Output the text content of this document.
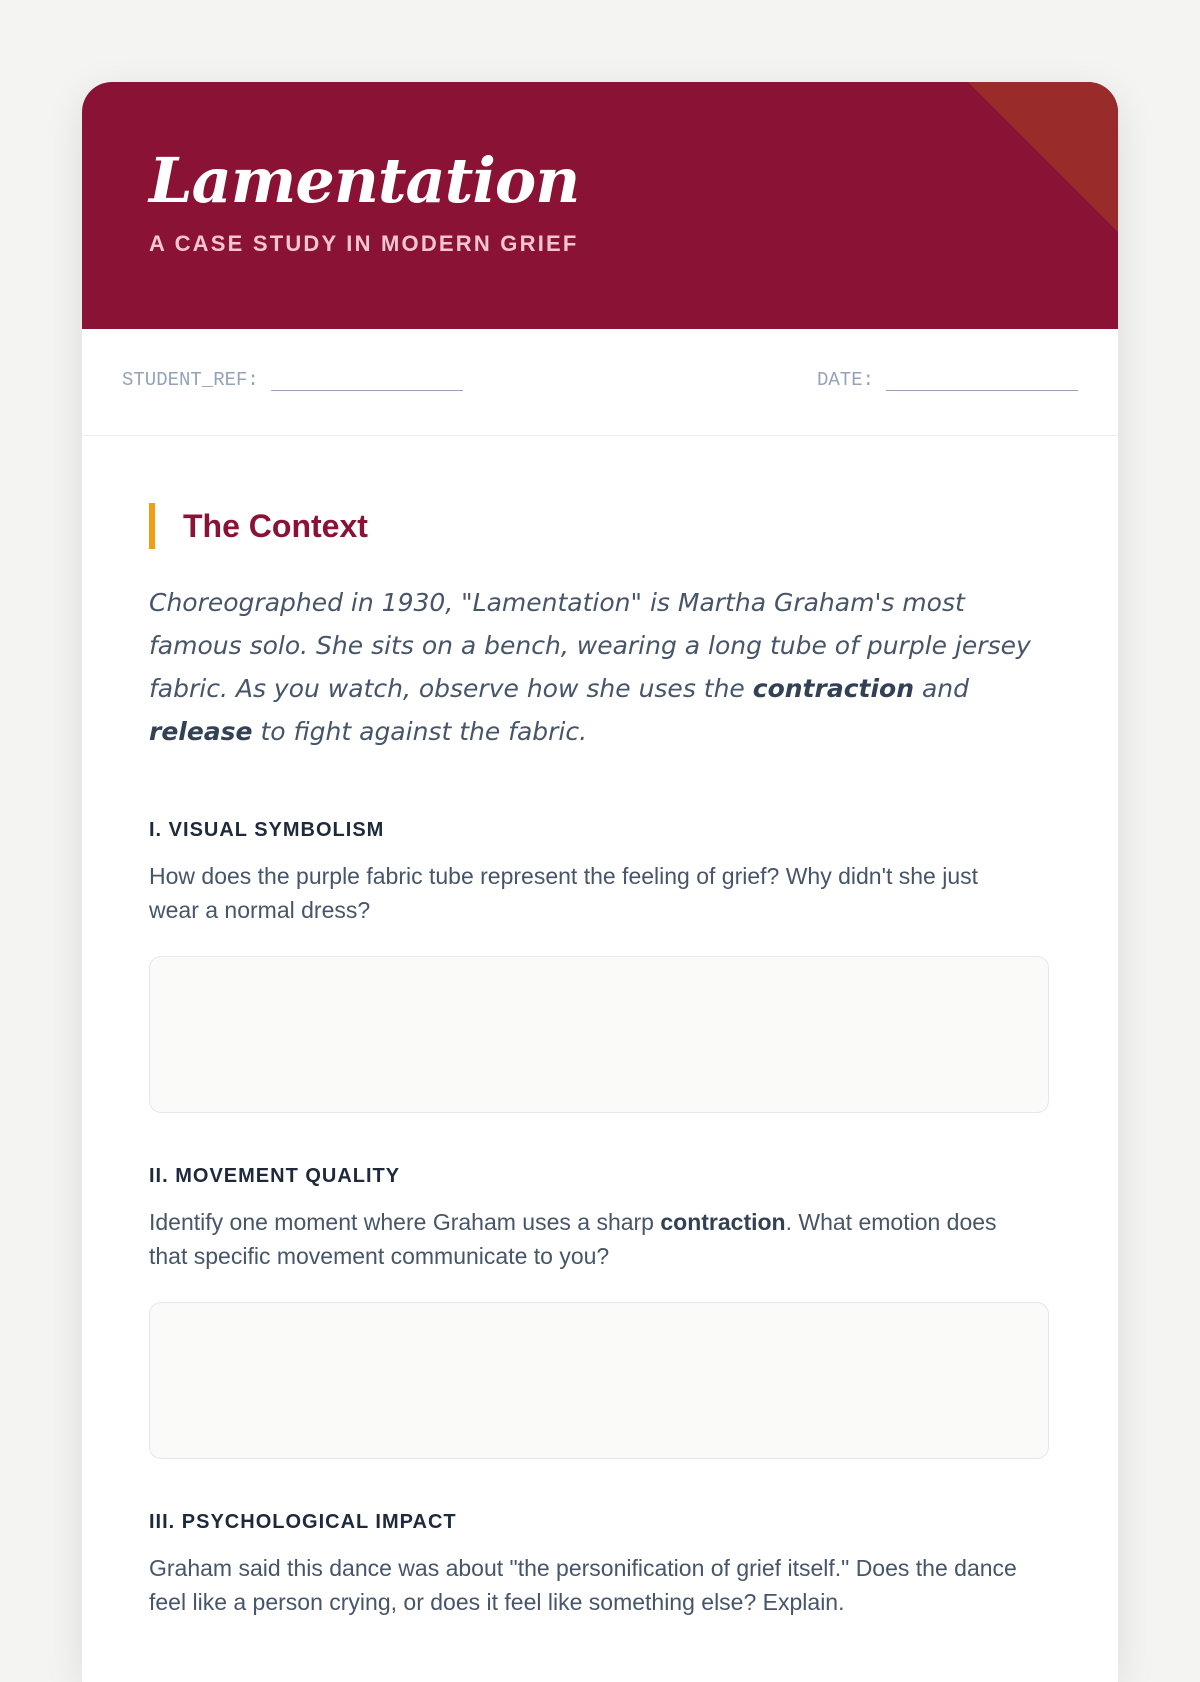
Lamentation
A CASE STUDY IN MODERN GRIEF
STUDENT_REF:	DATE:
The Context

Choreographed in 1930, "Lamentation" is Martha Graham's most famous solo. She sits on a bench, wearing a long tube of purple jersey fabric. As you watch, observe how she uses the contraction and release to fight against the fabric.

I. VISUAL SYMBOLISM
How does the purple fabric tube represent the feeling of grief? Why didn't she just wear a normal dress?
II. MOVEMENT QUALITY
Identify one moment where Graham uses a sharp contraction. What emotion does that specific movement communicate to you?
III. PSYCHOLOGICAL IMPACT
Graham said this dance was about "the personification of grief itself." Does the dance feel like a person crying, or does it feel like something else? Explain.
